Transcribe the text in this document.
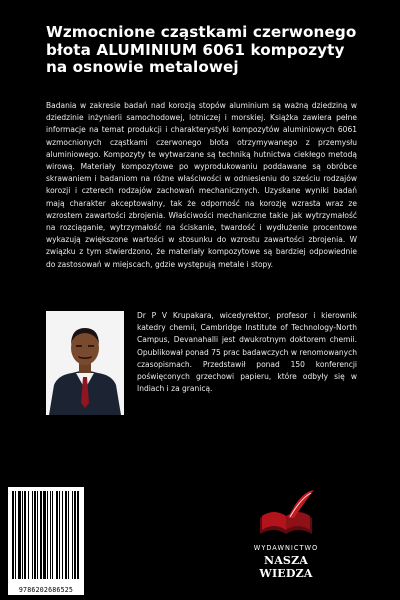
Wzmocnione cząstkami czerwonego błota ALUMINIUM 6061 kompozyty na osnowie metalowej

Badania w zakresie badań nad korozją stopów aluminium są ważną dziedziną w dziedzinie inżynierii samochodowej, lotniczej i morskiej. Książka zawiera pełne informacje na temat produkcji i charakterystyki kompozytów aluminiowych 6061 wzmocnionych cząstkami czerwonego błota otrzymywanego z przemysłu aluminiowego. Kompozyty te wytwarzane są techniką hutnictwa ciekłego metodą wirową. Materiały kompozytowe po wyprodukowaniu poddawane są obróbce skrawaniem i badaniom na różne właściwości w odniesieniu do sześciu rodzajów korozji i czterech rodzajów zachowań mechanicznych. Uzyskane wyniki badań mają charakter akceptowalny, tak że odporność na korozję wzrasta wraz ze wzrostem zawartości zbrojenia. Właściwości mechaniczne takie jak wytrzymałość na rozciąganie, wytrzymałość na ściskanie, twardość i wydłużenie procentowe wykazują zwiększone wartości w stosunku do wzrostu zawartości zbrojenia. W związku z tym stwierdzono, że materiały kompozytowe są bardziej odpowiednie do zastosowań w miejscach, gdzie występują metale i stopy.

Dr P V Krupakara, wicedyrektor, profesor i kierownik katedry chemii, Cambridge Institute of Technology-North Campus, Devanahalli jest dwukrotnym doktorem chemii. Opublikował ponad 75 prac badawczych w renomowanych czasopismach. Przedstawił ponad 150 konferencji poświęconych grzechowi papieru, które odbyły się w Indiach i za granicą.

9786202686525
WYDAWNICTWO
NASZA WIEDZA
